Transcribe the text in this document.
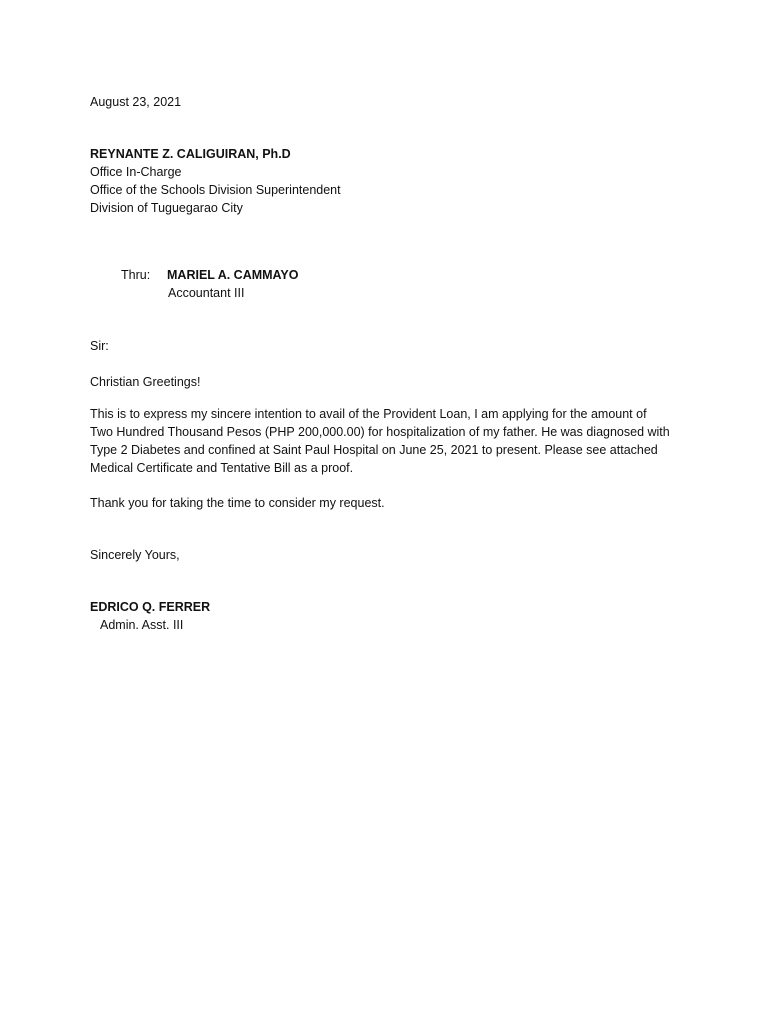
August 23, 2021
REYNANTE Z. CALIGUIRAN, Ph.D
Office In-Charge
Office of the Schools Division Superintendent
Division of Tuguegarao City
Thru: MARIEL A. CAMMAYO
Accountant III
Sir:
Christian Greetings!
This is to express my sincere intention to avail of the Provident Loan, I am applying for the amount of
Two Hundred Thousand Pesos (PHP 200,000.00) for hospitalization of my father. He was diagnosed with
Type 2 Diabetes and confined at Saint Paul Hospital on June 25, 2021 to present. Please see attached
Medical Certificate and Tentative Bill as a proof.
Thank you for taking the time to consider my request.
Sincerely Yours,
EDRICO Q. FERRER
Admin. Asst. III
